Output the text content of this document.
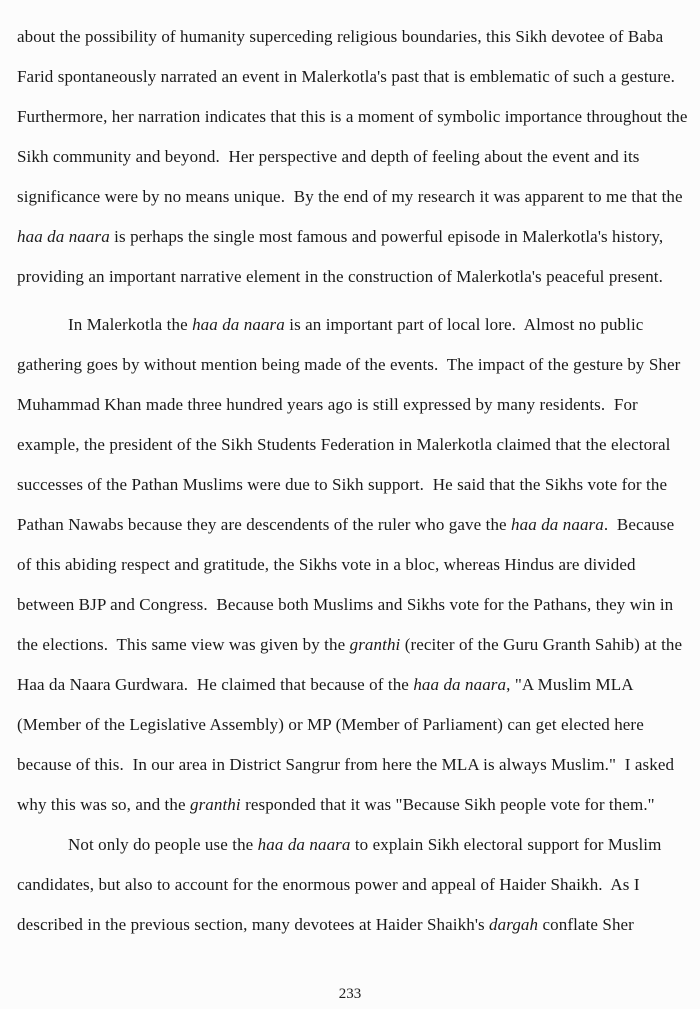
about the possibility of humanity superceding religious boundaries, this Sikh devotee of Baba
Farid spontaneously narrated an event in Malerkotla's past that is emblematic of such a gesture.
Furthermore, her narration indicates that this is a moment of symbolic importance throughout the
Sikh community and beyond.  Her perspective and depth of feeling about the event and its
significance were by no means unique.  By the end of my research it was apparent to me that the
haa da naara is perhaps the single most famous and powerful episode in Malerkotla's history,
providing an important narrative element in the construction of Malerkotla's peaceful present.
In Malerkotla the haa da naara is an important part of local lore.  Almost no public
gathering goes by without mention being made of the events.  The impact of the gesture by Sher
Muhammad Khan made three hundred years ago is still expressed by many residents.  For
example, the president of the Sikh Students Federation in Malerkotla claimed that the electoral
successes of the Pathan Muslims were due to Sikh support.  He said that the Sikhs vote for the
Pathan Nawabs because they are descendents of the ruler who gave the haa da naara.  Because
of this abiding respect and gratitude, the Sikhs vote in a bloc, whereas Hindus are divided
between BJP and Congress.  Because both Muslims and Sikhs vote for the Pathans, they win in
the elections.  This same view was given by the granthi (reciter of the Guru Granth Sahib) at the
Haa da Naara Gurdwara.  He claimed that because of the haa da naara, "A Muslim MLA
(Member of the Legislative Assembly) or MP (Member of Parliament) can get elected here
because of this.  In our area in District Sangrur from here the MLA is always Muslim."  I asked
why this was so, and the granthi responded that it was "Because Sikh people vote for them."
Not only do people use the haa da naara to explain Sikh electoral support for Muslim
candidates, but also to account for the enormous power and appeal of Haider Shaikh.  As I
described in the previous section, many devotees at Haider Shaikh's dargah conflate Sher
233
